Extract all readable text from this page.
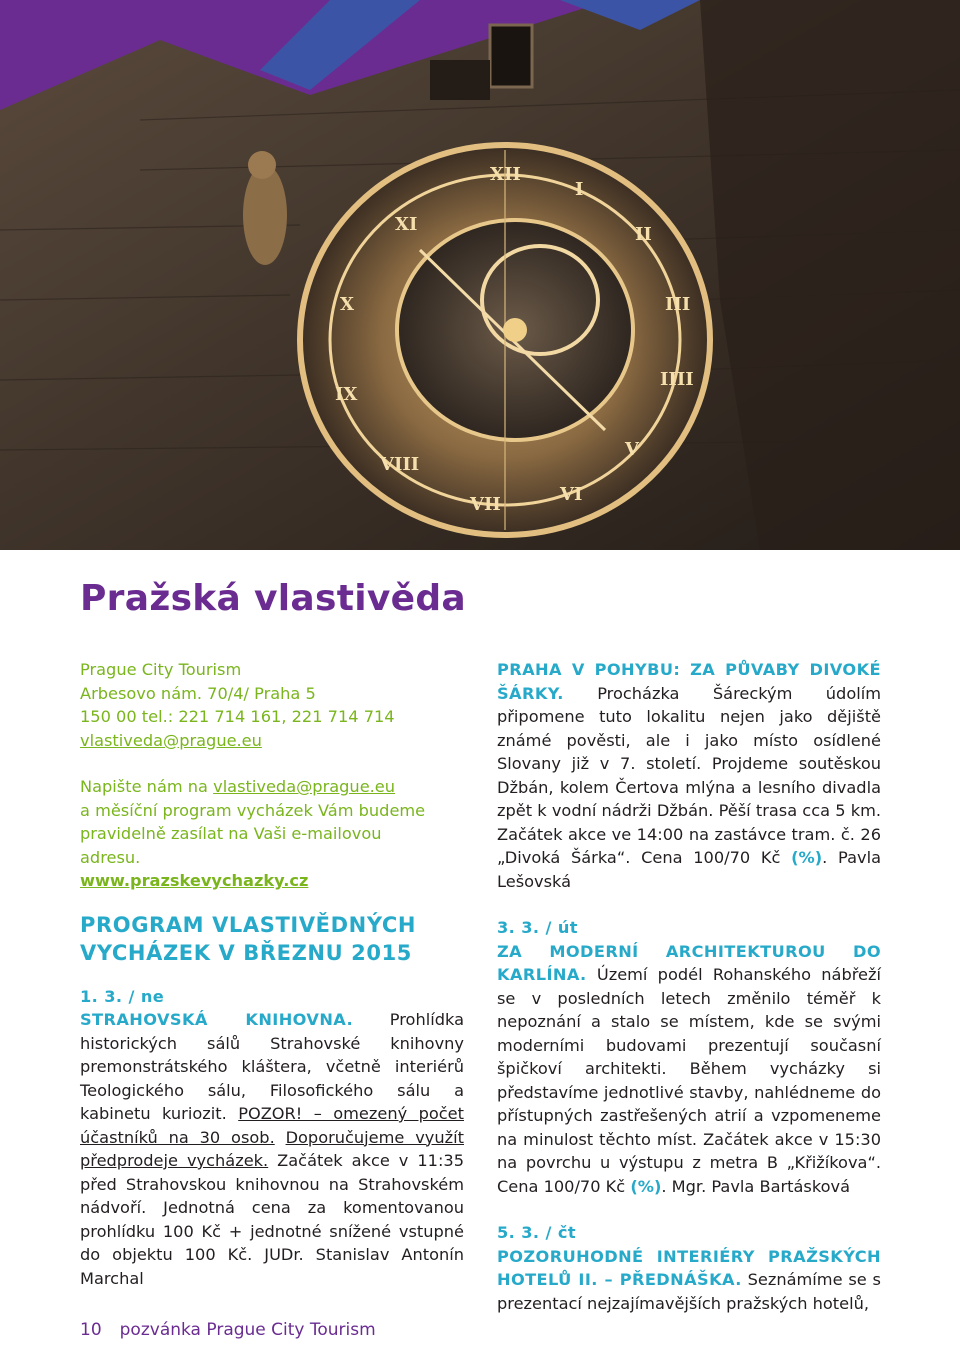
XII
I
II
III
IIII
V
VI
VII
VIII
IX
X
XI
Pražská vlastivěda

Prague City Tourism

Arbesovo nám. 70/4/ Praha 5

150 00 tel.: 221 714 161, 221 714 714

vlastiveda@prague.eu

Napište nám na vlastiveda@prague.eu

a měsíční program vycházek Vám budeme pravidelně zasílat na Vaši e-mailovou adresu.

www.prazskevychazky.cz

PROGRAM VLASTIVĚDNÝCH VYCHÁZEK V BŘEZNU 2015

1. 3. / ne

STRAHOVSKÁ KNIHOVNA. Prohlídka historických sálů Strahovské knihovny premonstrátského kláštera, včetně interiérů Teologického sálu, Filosofického sálu a kabinetu kuriozit. POZOR! – omezený počet účastníků na 30 osob. Doporučujeme využít předprodeje vycházek. Začátek akce v 11:35 před Strahovskou knihovnou na Strahovském nádvoří. Jednotná cena za komentovanou prohlídku 100 Kč + jednotné snížené vstupné do objektu 100 Kč. JUDr. Stanislav Antonín Marchal

PRAHA V POHYBU: ZA PŮVABY DIVOKÉ ŠÁRKY. Procházka Šáreckým údolím připomene tuto lokalitu nejen jako dějiště známé pověsti, ale i jako místo osídlené Slovany již v 7. století. Projdeme soutěskou Džbán, kolem Čertova mlýna a lesního divadla zpět k vodní nádrži Džbán. Pěší trasa cca 5 km. Začátek akce ve 14:00 na zastávce tram. č. 26 „Divoká Šárka“. Cena 100/70 Kč (%). Pavla Lešovská

3. 3. / út

ZA MODERNÍ ARCHITEKTUROU DO KARLÍNA. Území podél Rohanského nábřeží se v posledních letech změnilo téměř k nepoznání a stalo se místem, kde se svými moderními budovami prezentují současní špičkoví architekti. Během vycházky si představíme jednotlivé stavby, nahlédneme do přístupných zastřešených atrií a vzpomeneme na minulost těchto míst. Začátek akce v 15:30 na povrchu u výstupu z metra B „Křižíkova“. Cena 100/70 Kč (%). Mgr. Pavla Bartásková

5. 3. / čt

POZORUHODNÉ INTERIÉRY PRAŽSKÝCH HOTELŮ II. – PŘEDNÁŠKA. Seznámíme se s prezentací nejzajímavějších pražských hotelů,

10 pozvánka Prague City Tourism
